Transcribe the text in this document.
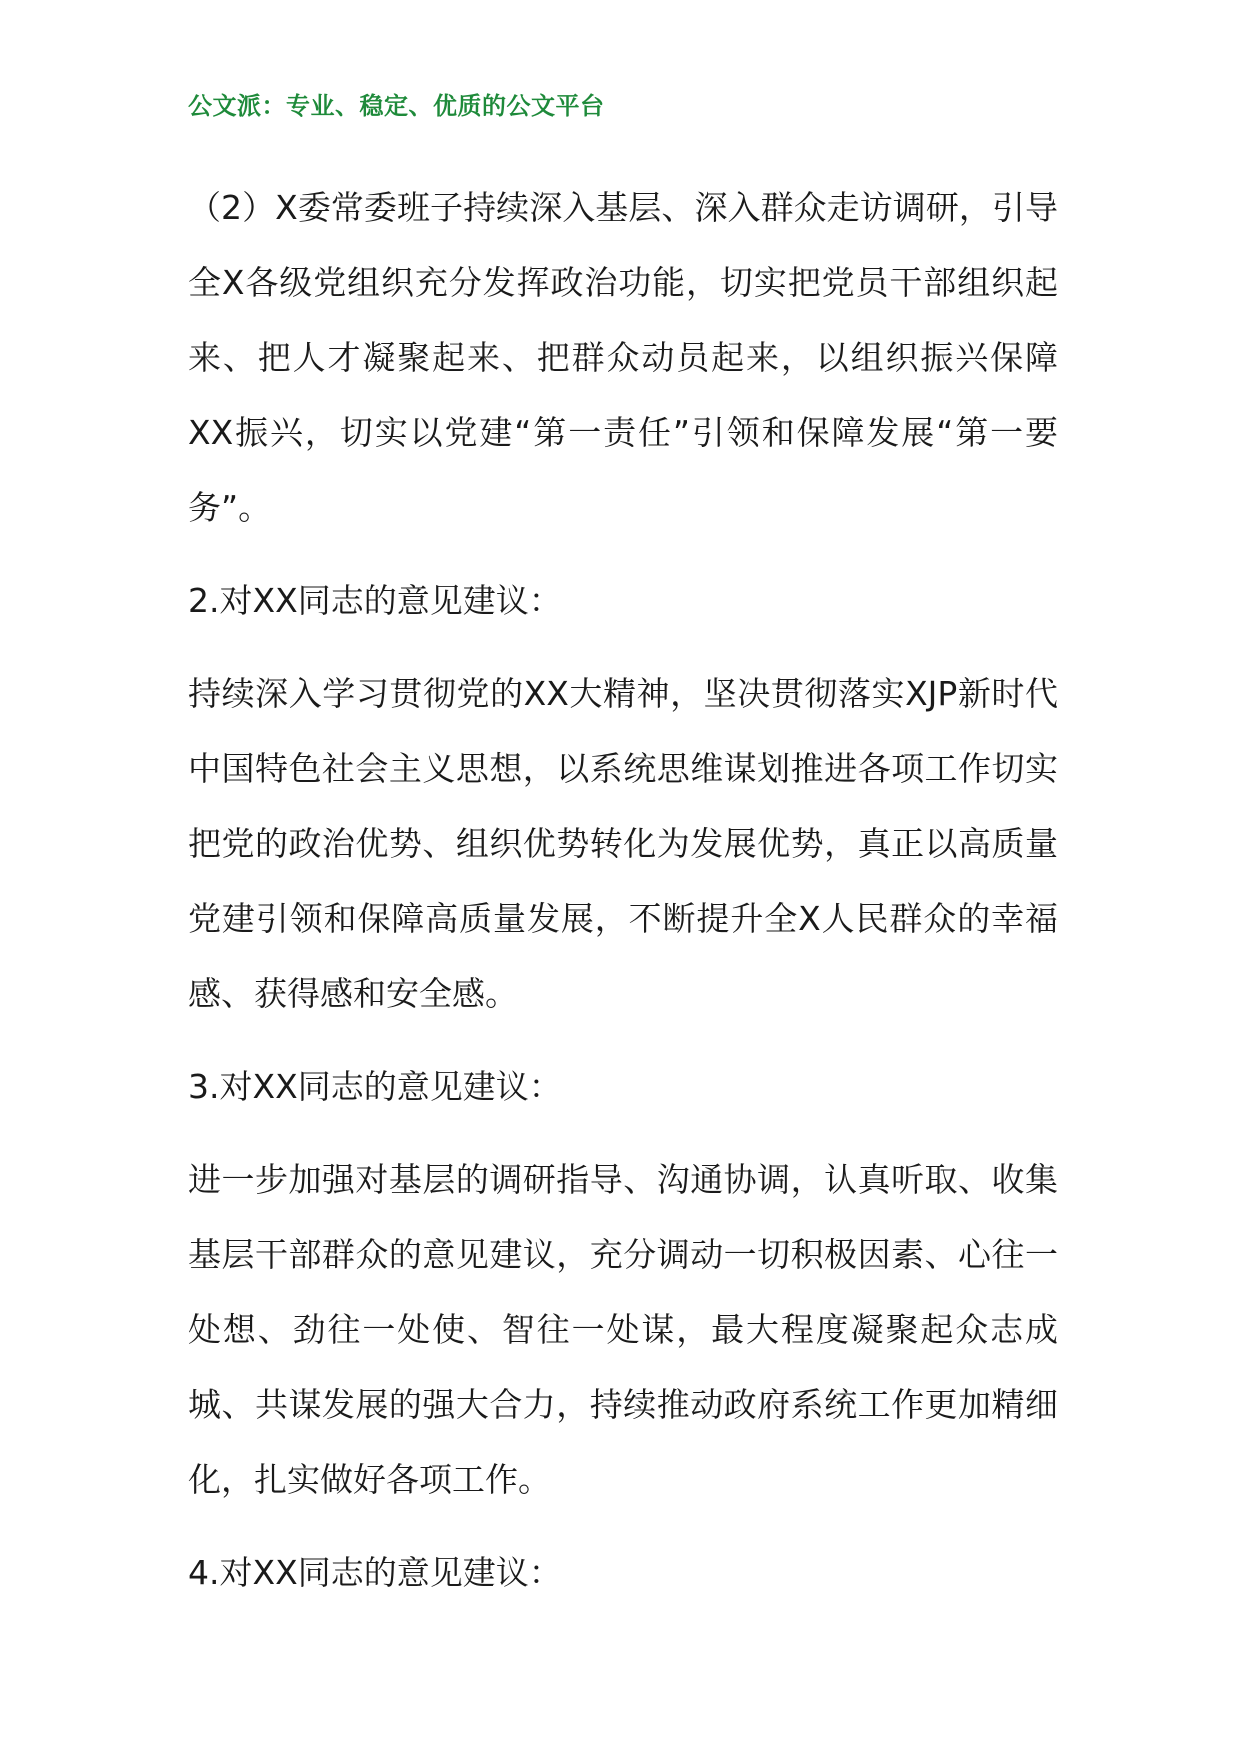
公文派：专业、稳定、优质的公文平台

（2）X委常委班子持续深入基层、深入群众走访调研，引导全X各级党组织充分发挥政治功能，切实把党员干部组织起来、把人才凝聚起来、把群众动员起来，以组织振兴保障XX振兴，切实以党建“第一责任”引领和保障发展“第一要务”。

2.对XX同志的意见建议：

持续深入学习贯彻党的XX大精神，坚决贯彻落实XJP新时代中国特色社会主义思想，以系统思维谋划推进各项工作切实把党的政治优势、组织优势转化为发展优势，真正以高质量党建引领和保障高质量发展，不断提升全X人民群众的幸福感、获得感和安全感。

3.对XX同志的意见建议：

进一步加强对基层的调研指导、沟通协调，认真听取、收集基层干部群众的意见建议，充分调动一切积极因素、心往一处想、劲往一处使、智往一处谋，最大程度凝聚起众志成城、共谋发展的强大合力，持续推动政府系统工作更加精细化，扎实做好各项工作。

4.对XX同志的意见建议：
